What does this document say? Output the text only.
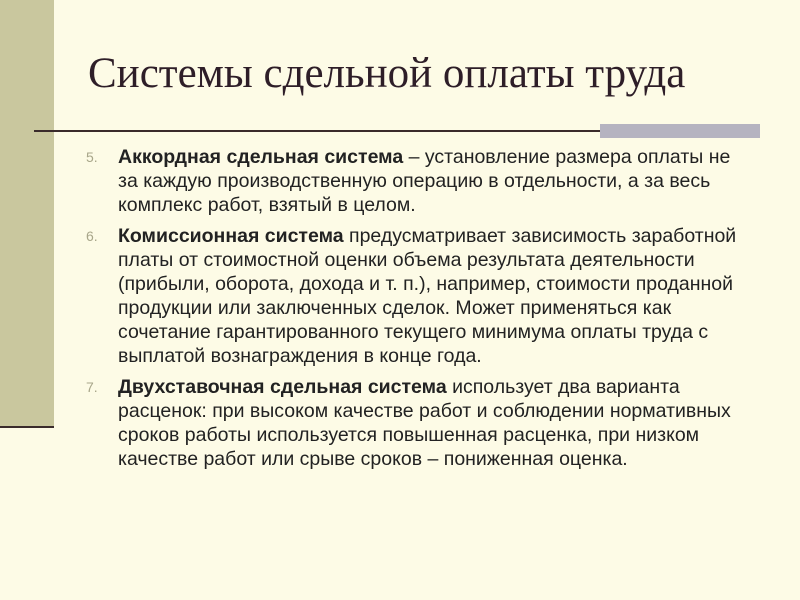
Системы сдельной оплаты труда
5.	Аккордная сдельная система – установление размера оплаты не за каждую производственную операцию в отдельности, а за весь комплекс работ, взятый в целом.
6.	Комиссионная система предусматривает зависимость заработной платы от стоимостной оценки объема результата деятельности (прибыли, оборота, дохода и т. п.), например, стоимости проданной продукции или заключенных сделок. Может применяться как сочетание гарантированного текущего минимума оплаты труда с выплатой вознаграждения в конце года.
7.	Двухставочная сдельная система использует два варианта расценок: при высоком качестве работ и соблюдении нормативных сроков работы используется повышенная расценка, при низком качестве работ или срыве сроков – пониженная оценка.
